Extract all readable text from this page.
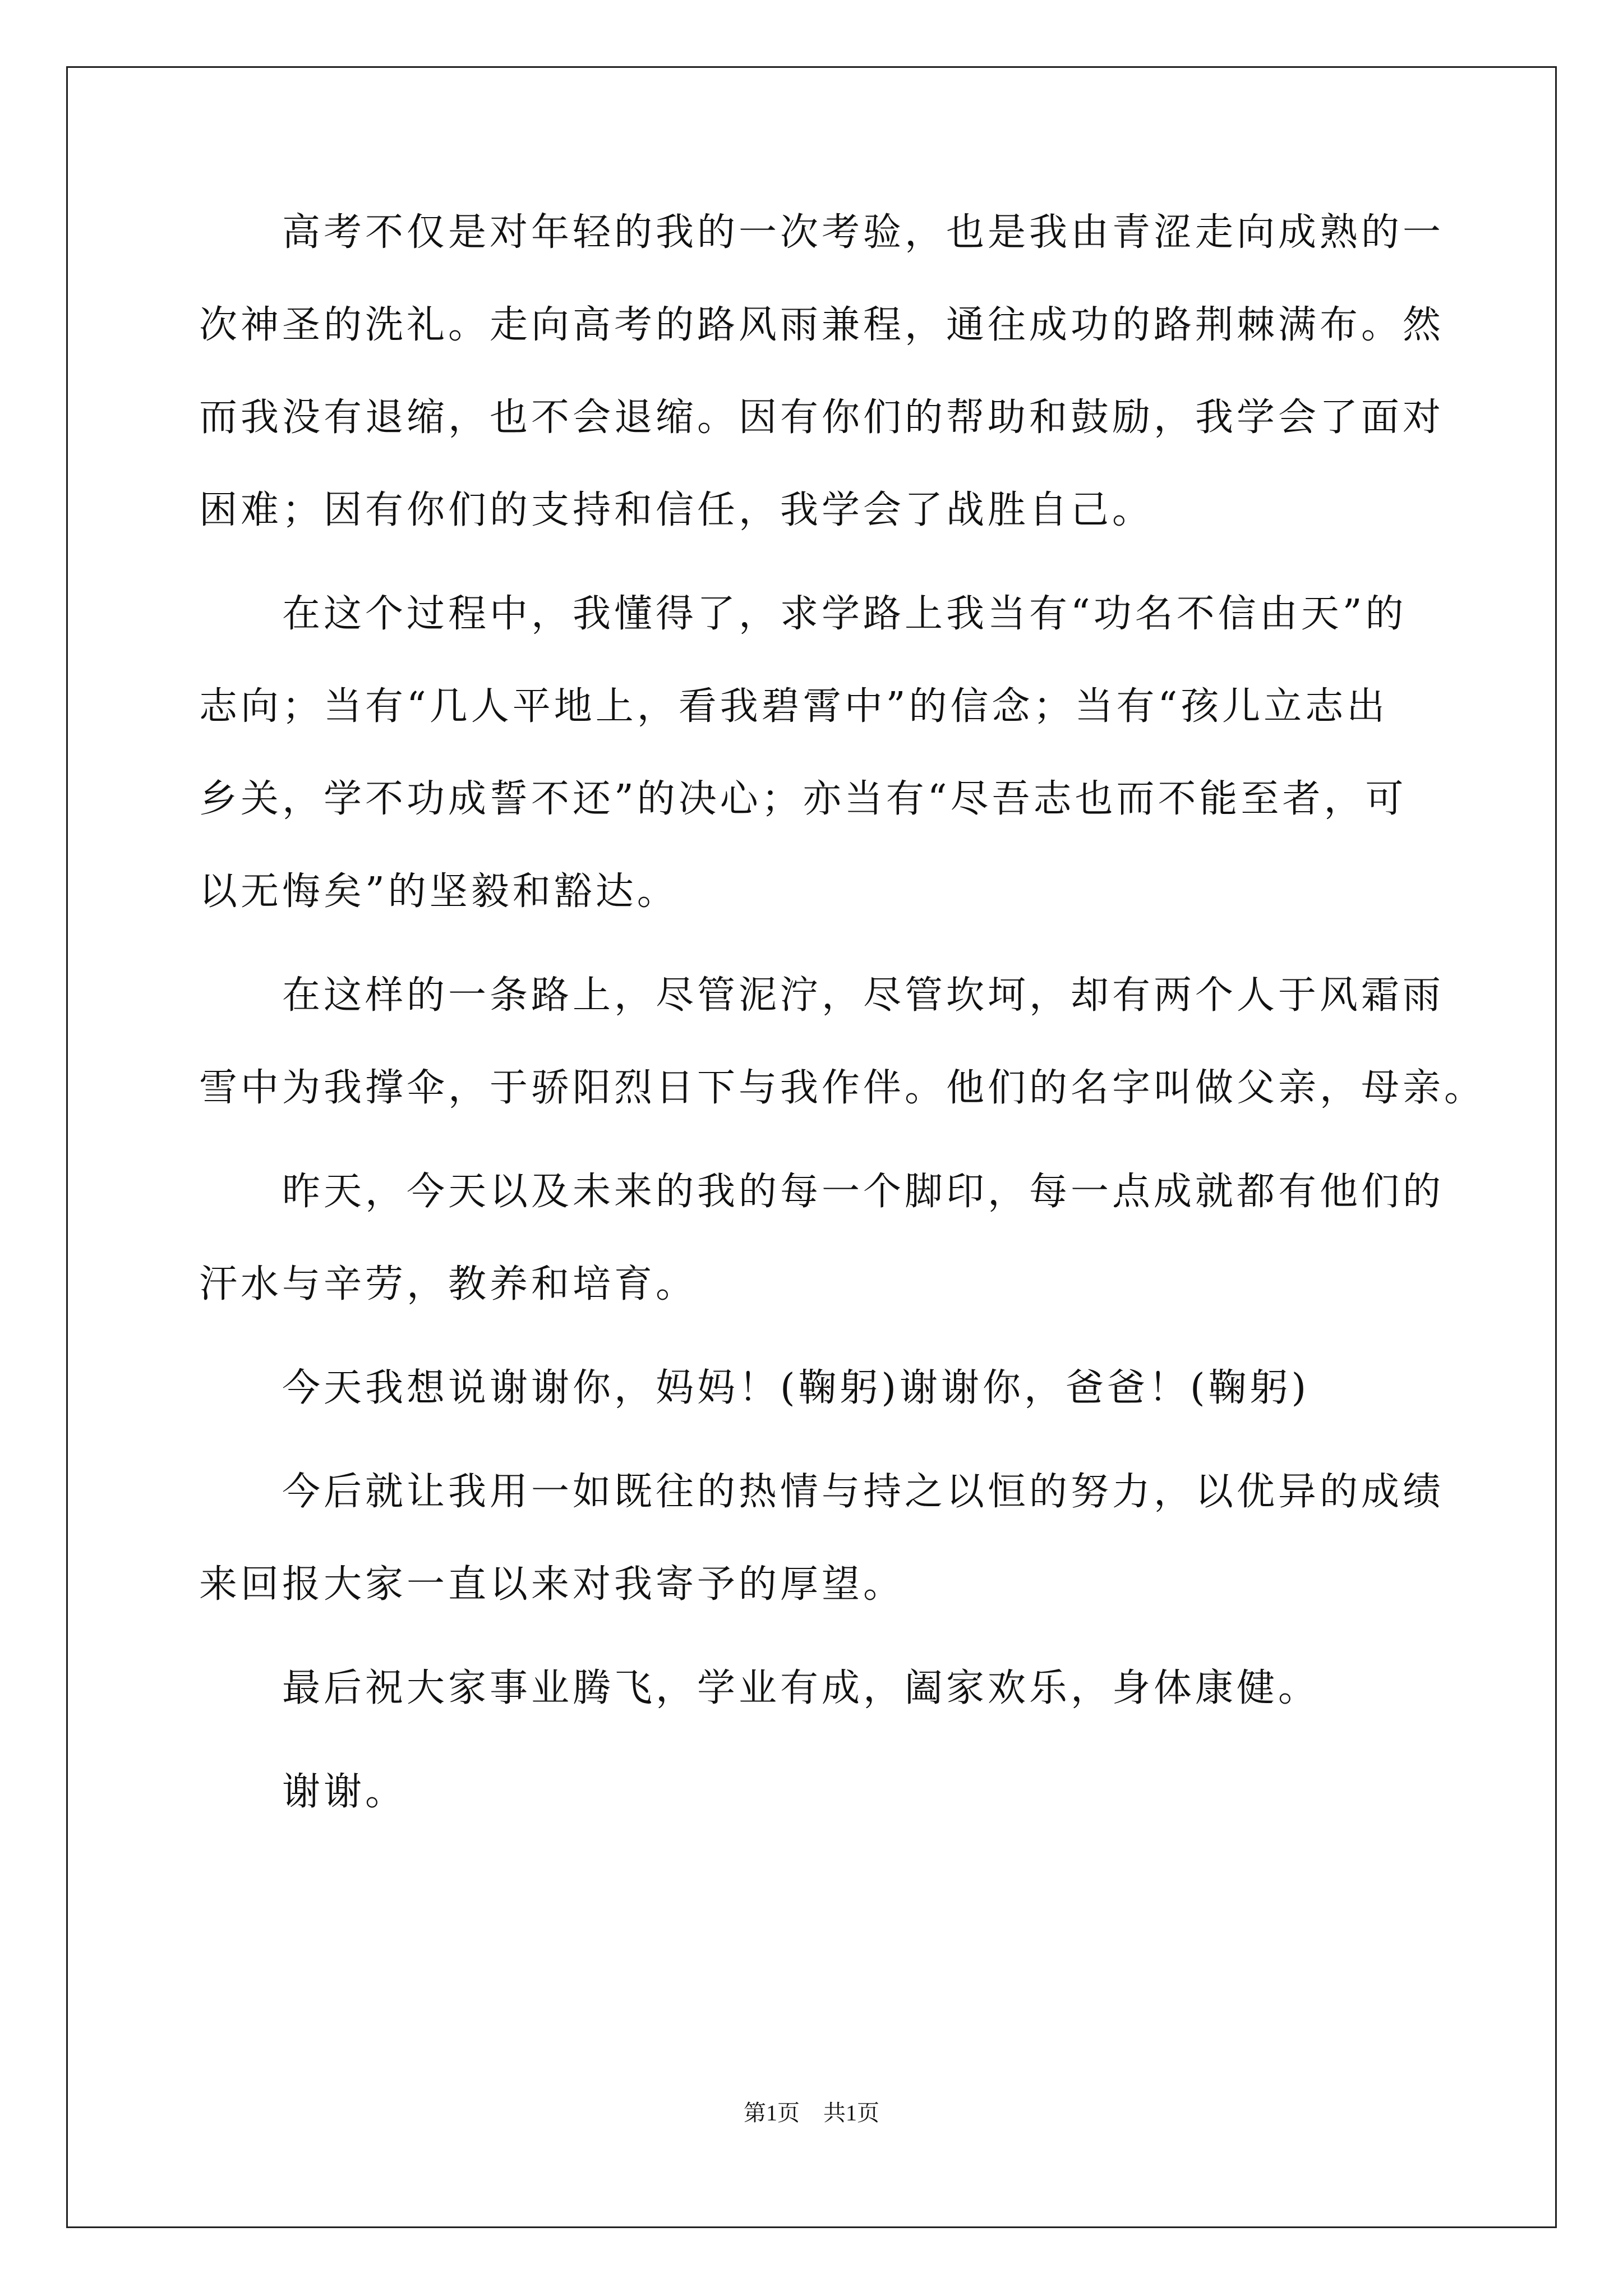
高考不仅是对年轻的我的一次考验，也是我由青涩走向成熟的一
次神圣的洗礼。走向高考的路风雨兼程，通往成功的路荆棘满布。然
而我没有退缩，也不会退缩。因有你们的帮助和鼓励，我学会了面对
困难；因有你们的支持和信任，我学会了战胜自己。
在这个过程中，我懂得了，求学路上我当有“功名不信由天”的
志向；当有“几人平地上，看我碧霄中”的信念；当有“孩儿立志出
乡关，学不功成誓不还”的决心；亦当有“尽吾志也而不能至者，可
以无悔矣”的坚毅和豁达。
在这样的一条路上，尽管泥泞，尽管坎坷，却有两个人于风霜雨
雪中为我撑伞，于骄阳烈日下与我作伴。他们的名字叫做父亲，母亲。
昨天，今天以及未来的我的每一个脚印，每一点成就都有他们的
汗水与辛劳，教养和培育。
今天我想说谢谢你，妈妈！(鞠躬)谢谢你，爸爸！(鞠躬)
今后就让我用一如既往的热情与持之以恒的努力，以优异的成绩
来回报大家一直以来对我寄予的厚望。
最后祝大家事业腾飞，学业有成，阖家欢乐，身体康健。
谢谢。
第1页 共1页
